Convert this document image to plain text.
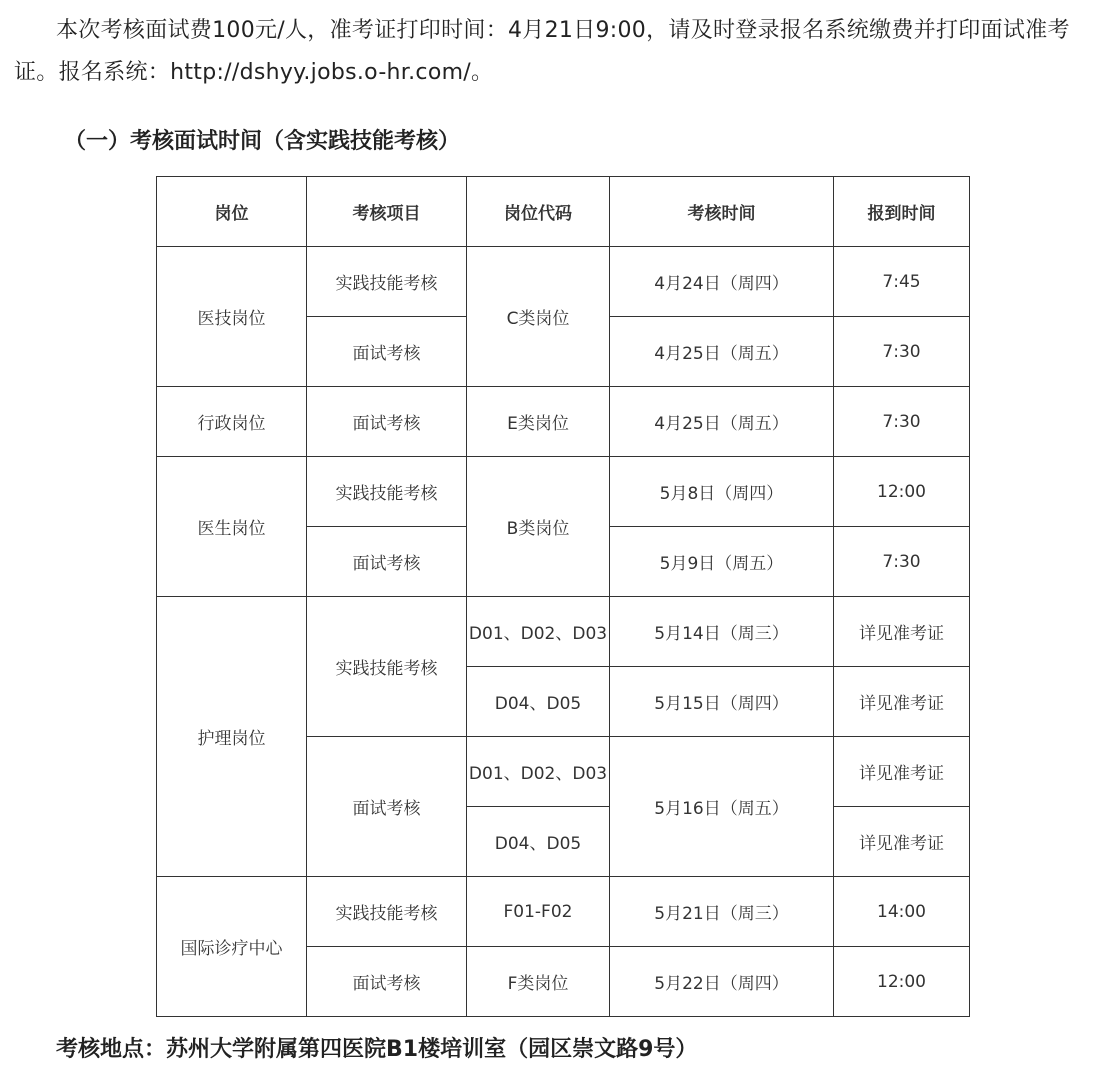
本次考核面试费100元/人，准考证打印时间：4月21日9:00，请及时登录报名系统缴费并打印面试准考证。报名系统：http://dshyy.jobs.o-hr.com/。

（一）考核面试时间（含实践技能考核）
岗位	考核项目	岗位代码	考核时间	报到时间
医技岗位	实践技能考核	C类岗位	4月24日（周四）	7:45
	面试考核		4月25日（周五）	7:30
行政岗位	面试考核	E类岗位	4月25日（周五）	7:30
医生岗位	实践技能考核	B类岗位	5月8日（周四）	12:00
	面试考核		5月9日（周五）	7:30
护理岗位	实践技能考核	D01、D02、D03	5月14日（周三）	详见准考证
		D04、D05	5月15日（周四）	详见准考证
	面试考核	D01、D02、D03	5月16日（周五）	详见准考证
		D04、D05		详见准考证
国际诊疗中心	实践技能考核	F01-F02	5月21日（周三）	14:00
	面试考核	F类岗位	5月22日（周四）	12:00

考核地点：苏州大学附属第四医院B1楼培训室（园区崇文路9号）
